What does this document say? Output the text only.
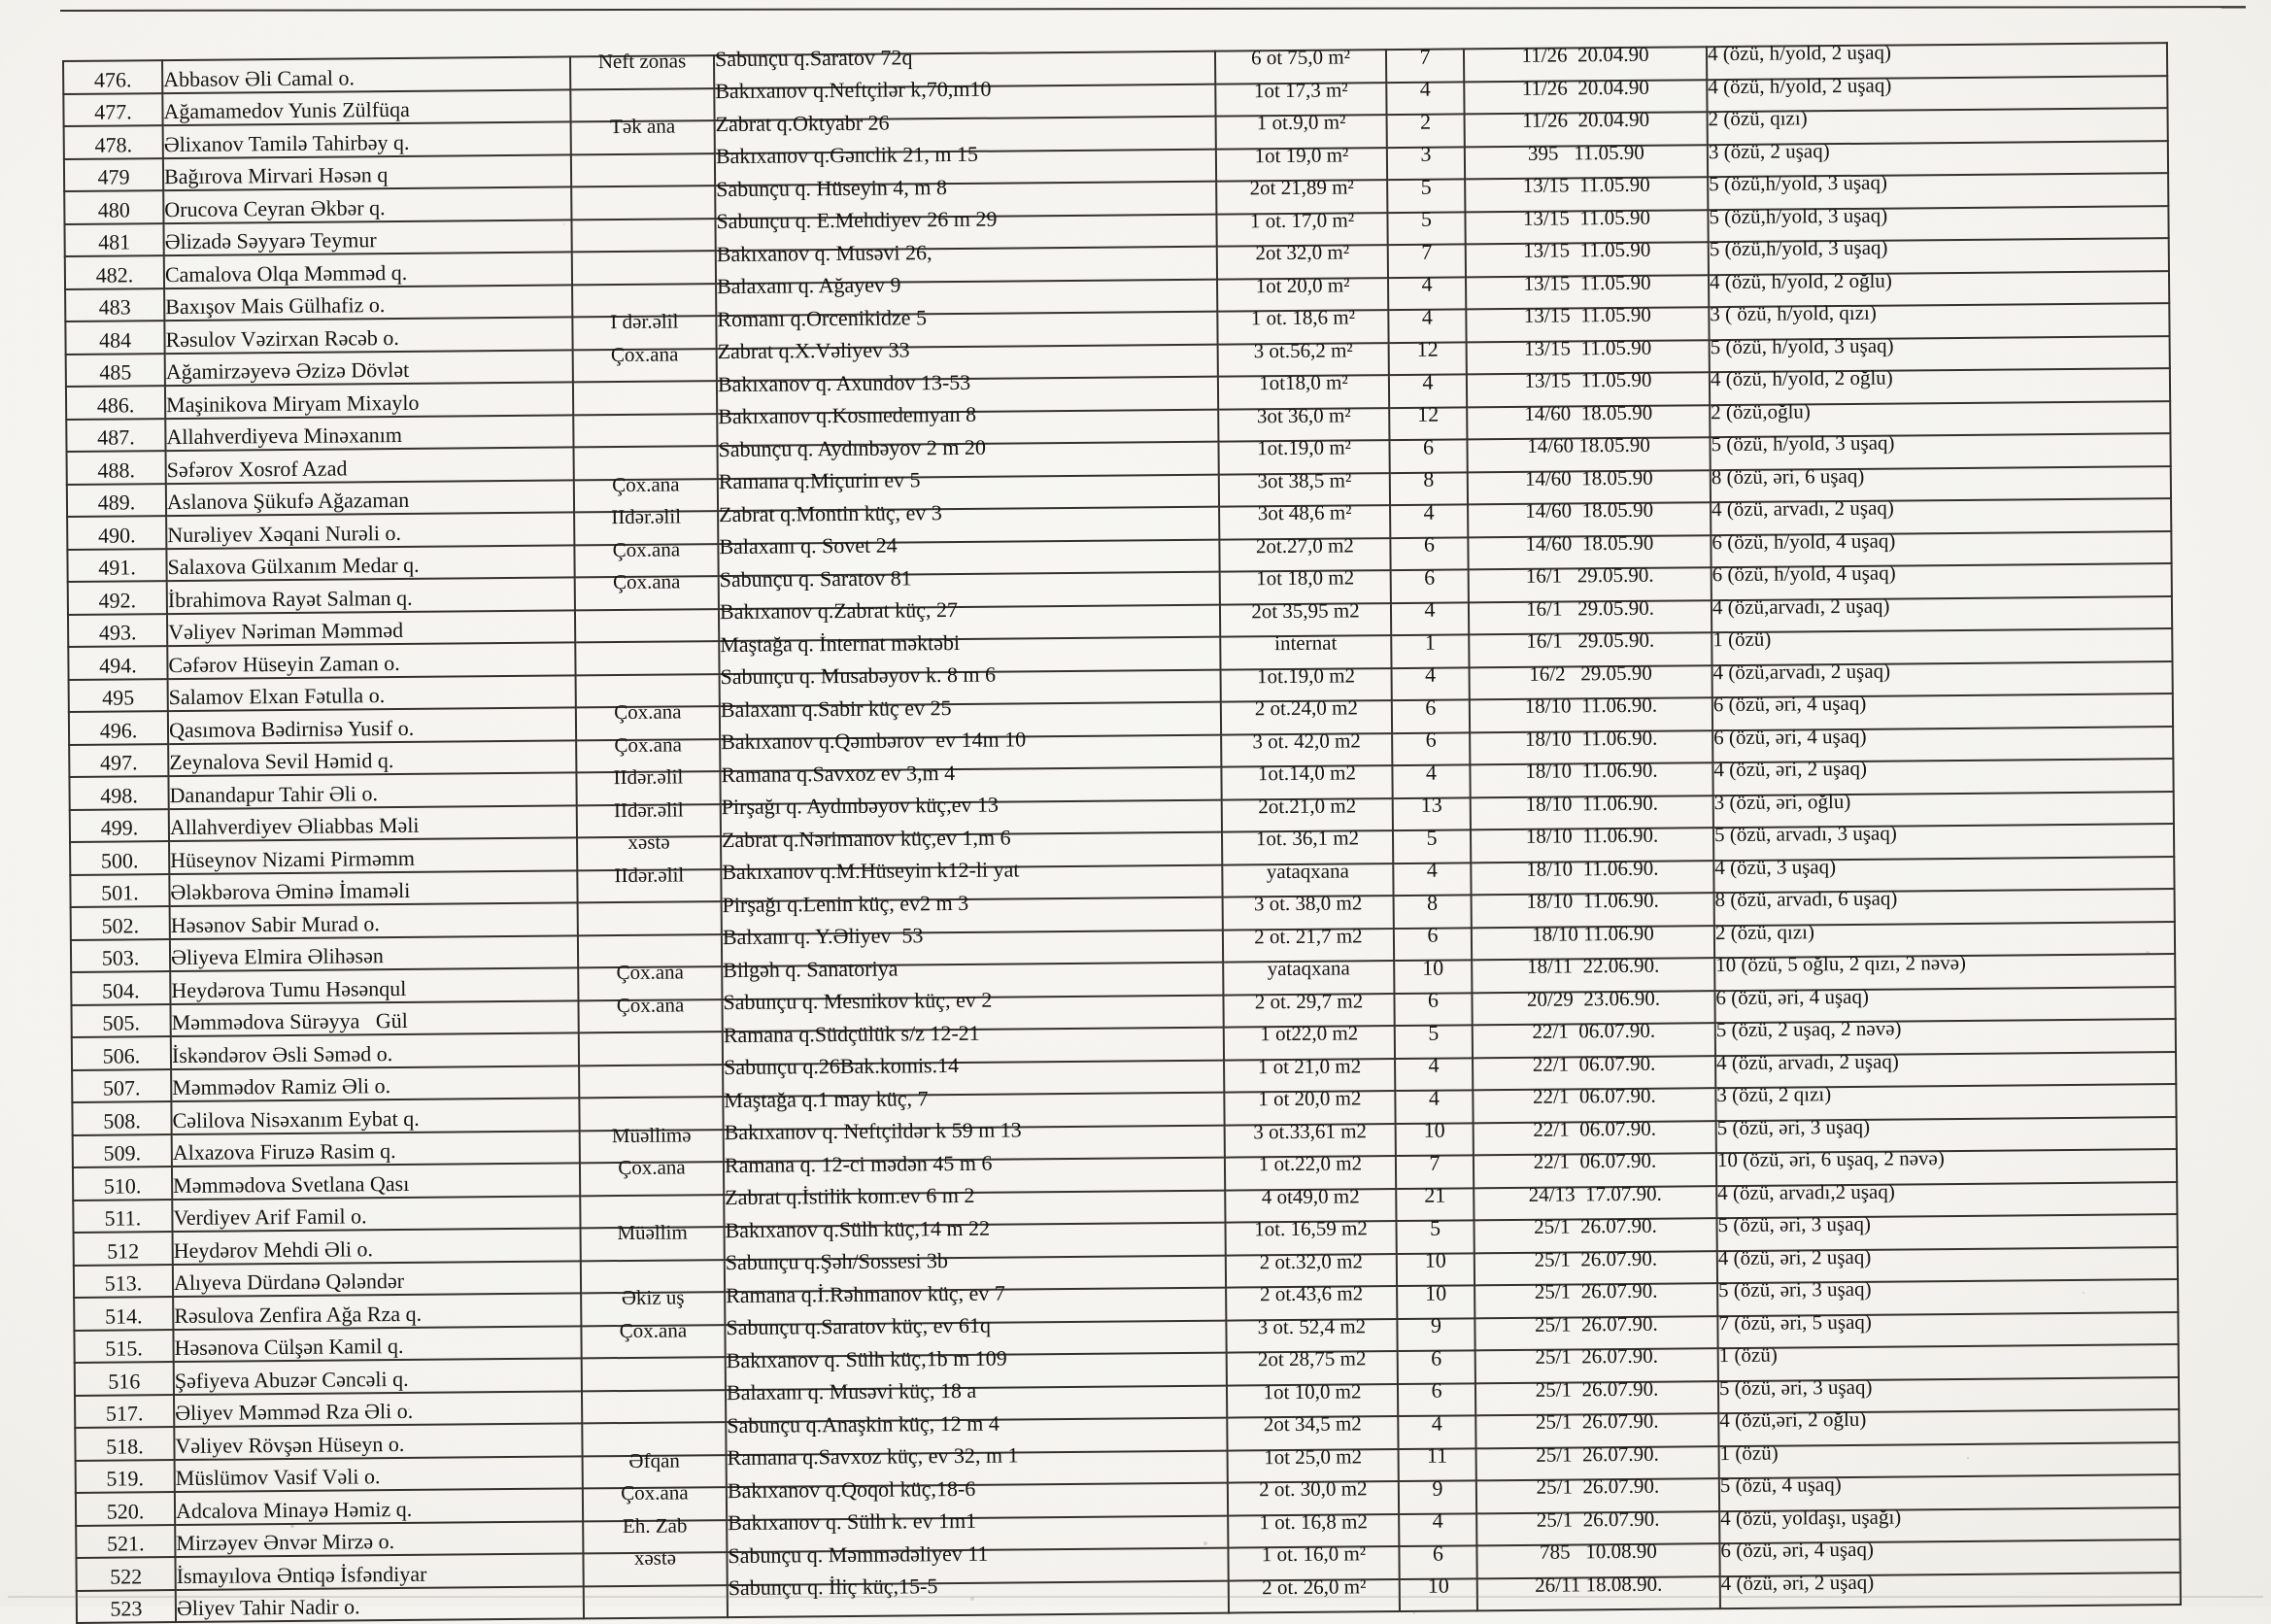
476.	Abbasov Əli Camal o.	Neft zonas	Sabunçu q.Saratov 72q	6 ot 75,0 m²	7	11/26  20.04.90	4 (özü, h/yold, 2 uşaq)
477.	Ağamamedov Yunis Zülfüqa		Bakıxanov q.Neftçilər k,70,m10	1ot 17,3 m²	4	11/26  20.04.90	4 (özü, h/yold, 2 uşaq)
478.	Əlixanov Tamilə Tahirbəy q.	Tək ana	Zabrat q.Oktyabr 26	1 ot.9,0 m²	2	11/26  20.04.90	2 (özü, qızı)
479	Bağırova Mirvari Həsən q		Bakıxanov q.Gənclik 21, m 15	1ot 19,0 m²	3	395   11.05.90	3 (özü, 2 uşaq)
480	Orucova Ceyran Əkbər q.		Sabunçu q. Hüseyin 4, m 8	2ot 21,89 m²	5	13/15  11.05.90	5 (özü,h/yold, 3 uşaq)
481	Əlizadə Səyyarə Teymur		Sabunçu q. E.Mehdiyev 26 m 29	1 ot. 17,0 m²	5	13/15  11.05.90	5 (özü,h/yold, 3 uşaq)
482.	Camalova Olqa Məmməd q.		Bakıxanov q. Musəvi 26,	2ot 32,0 m²	7	13/15  11.05.90	5 (özü,h/yold, 3 uşaq)
483	Baxışov Mais Gülhafiz o.		Balaxanı q. Ağayev 9	1ot 20,0 m²	4	13/15  11.05.90	4 (özü, h/yold, 2 oğlu)
484	Rəsulov Vəzirxan Rəcəb o.	I dər.əlil	Romanı q.Orcenikidze 5	1 ot. 18,6 m²	4	13/15  11.05.90	3 ( özü, h/yold, qızı)
485	Ağamirzəyevə Əzizə Dövlət	Çox.ana	Zabrat q.X.Vəliyev 33	3 ot.56,2 m²	12	13/15  11.05.90	5 (özü, h/yold, 3 uşaq)
486.	Maşinikova Miryam Mixaylo		Bakıxanov q. Axundov 13-53	1ot18,0 m²	4	13/15  11.05.90	4 (özü, h/yold, 2 oğlu)
487.	Allahverdiyeva Minəxanım		Bakıxanov q.Kosmedemyan 8	3ot 36,0 m²	12	14/60  18.05.90	2 (özü,oğlu)
488.	Səfərov Xosrof Azad		Sabunçu q. Aydınbəyov 2 m 20	1ot.19,0 m²	6	14/60 18.05.90	5 (özü, h/yold, 3 uşaq)
489.	Aslanova Şükufə Ağazaman	Çox.ana	Ramana q.Miçurin ev 5	3ot 38,5 m²	8	14/60  18.05.90	8 (özü, əri, 6 uşaq)
490.	Nurəliyev Xəqani Nurəli o.	IIdər.əlil	Zabrat q.Montin küç, ev 3	3ot 48,6 m²	4	14/60  18.05.90	4 (özü, arvadı, 2 uşaq)
491.	Salaxova Gülxanım Medar q.	Çox.ana	Balaxanı q. Sovet 24	2ot.27,0 m2	6	14/60  18.05.90	6 (özü, h/yold, 4 uşaq)
492.	İbrahimova Rayət Salman q.	Çox.ana	Sabunçu q. Saratov 81	1ot 18,0 m2	6	16/1   29.05.90.	6 (özü, h/yold, 4 uşaq)
493.	Vəliyev Nəriman Məmməd		Bakıxanov q.Zabrat küç, 27	2ot 35,95 m2	4	16/1   29.05.90.	4 (özü,arvadı, 2 uşaq)
494.	Cəfərov Hüseyin Zaman o.		Maştağa q. İnternat məktəbi	internat	1	16/1   29.05.90.	1 (özü)
495	Salamov Elxan Fətulla o.		Sabunçu q. Musabəyov k. 8 m 6	1ot.19,0 m2	4	16/2   29.05.90	4 (özü,arvadı, 2 uşaq)
496.	Qasımova Bədirnisə Yusif o.	Çox.ana	Balaxanı q.Sabir küç ev 25	2 ot.24,0 m2	6	18/10  11.06.90.	6 (özü, əri, 4 uşaq)
497.	Zeynalova Sevil Həmid q.	Çox.ana	Bakıxanov q.Qəmbərov  ev 14m 10	3 ot. 42,0 m2	6	18/10  11.06.90.	6 (özü, əri, 4 uşaq)
498.	Danandapur Tahir Əli o.	IIdər.əlil	Ramana q.Savxoz ev 3,m 4	1ot.14,0 m2	4	18/10  11.06.90.	4 (özü, əri, 2 uşaq)
499.	Allahverdiyev Əliabbas Məli	IIdər.əlil	Pirşağı q. Aydınbəyov küç,ev 13	2ot.21,0 m2	13	18/10  11.06.90.	3 (özü, əri, oğlu)
500.	Hüseynov Nizami Pirməmm	xəstə	Zabrat q.Nərimanov küç,ev 1,m 6	1ot. 36,1 m2	5	18/10  11.06.90.	5 (özü, arvadı, 3 uşaq)
501.	Ələkbərova Əminə İmaməli	IIdər.əlil	Bakıxanov q.M.Hüseyin k12-li yat	yataqxana	4	18/10  11.06.90.	4 (özü, 3 uşaq)
502.	Həsənov Sabir Murad o.		Pirşağı q.Lenin küç, ev2 m 3	3 ot. 38,0 m2	8	18/10  11.06.90.	8 (özü, arvadı, 6 uşaq)
503.	Əliyeva Elmira Əlihəsən		Balxanı q. Y.Əliyev  53	2 ot. 21,7 m2	6	18/10 11.06.90	2 (özü, qızı)
504.	Heydərova Tumu Həsənqul	Çox.ana	Bilgəh q. Sanatoriya	yataqxana	10	18/11  22.06.90.	10 (özü, 5 oğlu, 2 qızı, 2 nəvə)
505.	Məmmədova Sürəyya   Gül	Çox.ana	Sabunçu q. Mesnikov küç, ev 2	2 ot. 29,7 m2	6	20/29  23.06.90.	6 (özü, əri, 4 uşaq)
506.	İskəndərov Əsli Səməd o.		Ramana q.Südçülük s/z 12-21	1 ot22,0 m2	5	22/1  06.07.90.	5 (özü, 2 uşaq, 2 nəvə)
507.	Məmmədov Ramiz Əli o.		Sabunçu q.26Bak.komis.14	1 ot 21,0 m2	4	22/1  06.07.90.	4 (özü, arvadı, 2 uşaq)
508.	Cəlilova Nisəxanım Eybat q.		Maştağa q.1 may küç, 7	1 ot 20,0 m2	4	22/1  06.07.90.	3 (özü, 2 qızı)
509.	Alxazova Firuzə Rasim q.	Müəllimə	Bakıxanov q. Neftçildər k 59 m 13	3 ot.33,61 m2	10	22/1  06.07.90.	5 (özü, əri, 3 uşaq)
510.	Məmmədova Svetlana Qası	Çox.ana	Ramana q. 12-ci mədən 45 m 6	1 ot.22,0 m2	7	22/1  06.07.90.	10 (özü, əri, 6 uşaq, 2 nəvə)
511.	Verdiyev Arif Famil o.		Zabrat q.İstilik kom.ev 6 m 2	4 ot49,0 m2	21	24/13  17.07.90.	4 (özü, arvadı,2 uşaq)
512	Heydərov Mehdi Əli o.	Müəllim	Bakıxanov q.Sülh küç,14 m 22	1ot. 16,59 m2	5	25/1  26.07.90.	5 (özü, əri, 3 uşaq)
513.	Alıyeva Dürdanə Qələndər		Sabunçu q.Şəh/Sossesi 3b	2 ot.32,0 m2	10	25/1  26.07.90.	4 (özü, əri, 2 uşaq)
514.	Rəsulova Zenfira Ağa Rza q.	Əkiz uş	Ramana q.İ.Rəhmanov küç, ev 7	2 ot.43,6 m2	10	25/1  26.07.90.	5 (özü, əri, 3 uşaq)
515.	Həsənova Cülşən Kamil q.	Çox.ana	Sabunçu q.Saratov küç, ev 61q	3 ot. 52,4 m2	9	25/1  26.07.90.	7 (özü, əri, 5 uşaq)
516	Şəfiyeva Abuzər Cəncəli q.		Bakıxanov q. Sülh küç,1b m 109	2ot 28,75 m2	6	25/1  26.07.90.	1 (özü)
517.	Əliyev Məmməd Rza Əli o.		Balaxanı q. Musəvi küç, 18 a	1ot 10,0 m2	6	25/1  26.07.90.	5 (özü, əri, 3 uşaq)
518.	Vəliyev Rövşən Hüseyn o.		Sabunçu q.Anaşkin küç, 12 m 4	2ot 34,5 m2	4	25/1  26.07.90.	4 (özü,əri, 2 oğlu)
519.	Müslümov Vasif Vəli o.	Əfqan	Ramana q.Savxoz küç, ev 32, m 1	1ot 25,0 m2	11	25/1  26.07.90.	1 (özü)
520.	Adcalova Minayə Həmiz q.	Çox.ana	Bakıxanov q.Qoqol küç,18-6	2 ot. 30,0 m2	9	25/1  26.07.90.	5 (özü, 4 uşaq)
521.	Mirzəyev Ənvər Mirzə o.	Eh. Zab	Bakıxanov q. Sülh k. ev 1m1	1 ot. 16,8 m2	4	25/1  26.07.90.	4 (özü, yoldaşı, uşağı)
522	İsmayılova Əntiqə İsfəndiyar	xəstə	Sabunçu q. Məmmədəliyev 11	1 ot. 16,0 m²	6	785   10.08.90	6 (özü, əri, 4 uşaq)
523	Əliyev Tahir Nadir o.		Sabunçu q. İliç küç,15-5	2 ot. 26,0 m²	10	26/11 18.08.90.	4 (özü, əri, 2 uşaq)
